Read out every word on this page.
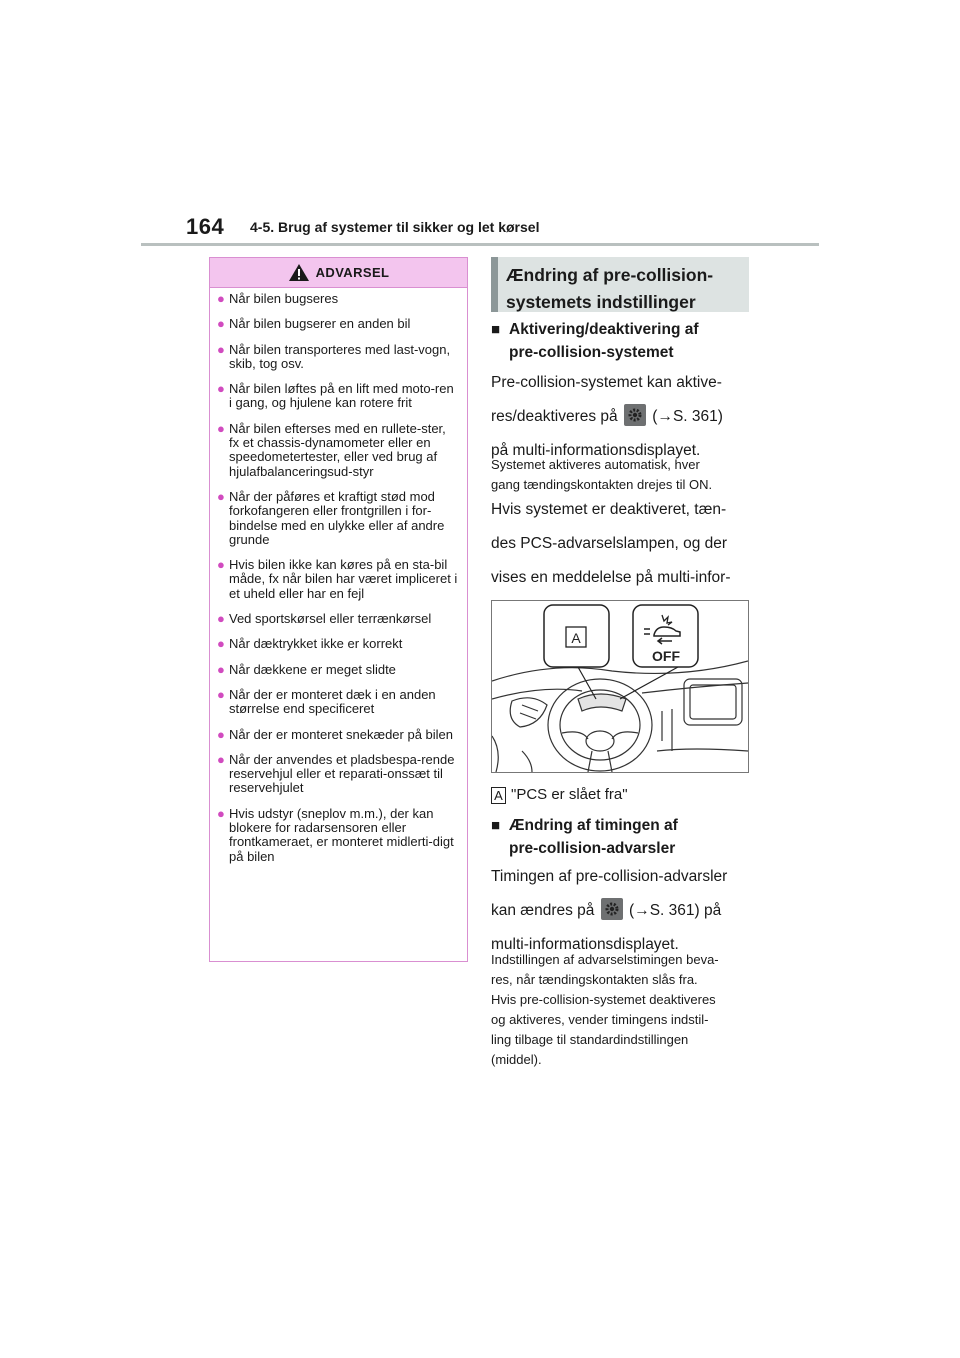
164 4-5. Brug af systemer til sikker og let kørsel
ADVARSEL
● Når bilen bugseres
● Når bilen bugserer en anden bil
● Når bilen transporteres med last-vogn, skib, tog osv.
● Når bilen løftes på en lift med moto-ren i gang, og hjulene kan rotere frit
● Når bilen efterses med en rullete-ster, fx et chassis-dynamometer eller en speedometertester, eller ved brug af hjulafbalanceringsud-styr
● Når der påføres et kraftigt stød mod forkofangeren eller frontgrillen i for-bindelse med en ulykke eller af andre grunde
● Hvis bilen ikke kan køres på en sta-bil måde, fx når bilen har været impliceret i et uheld eller har en fejl
● Ved sportskørsel eller terrænkørsel
● Når dæktrykket ikke er korrekt
● Når dækkene er meget slidte
● Når der er monteret dæk i en anden størrelse end specificeret
● Når der er monteret snekæder på bilen
● Når der anvendes et pladsbespa-rende reservehjul eller et reparati-onssæt til reservehjulet
● Hvis udstyr (sneplov m.m.), der kan blokere for radarsensoren eller frontkameraet, er monteret midlerti-digt på bilen
Ændring af pre-collision-
systemets indstillinger
■ Aktivering/deaktivering af
pre-collision-systemet
Pre-collision-systemet kan aktive-
res/deaktiveres på (→S. 361)
på multi-informationsdisplayet.
Systemet aktiveres automatisk, hver
gang tændingskontakten drejes til ON.
Hvis systemet er deaktiveret, tæn-
des PCS-advarselslampen, og der
vises en meddelelse på multi-infor-
A
OFF
A "PCS er slået fra"
■ Ændring af timingen af
pre-collision-advarsler
Timingen af pre-collision-advarsler
kan ændres på (→S. 361) på
multi-informationsdisplayet.
Indstillingen af advarselstimingen beva-
res, når tændingskontakten slås fra.
Hvis pre-collision-systemet deaktiveres
og aktiveres, vender timingens indstil-
ling tilbage til standardindstillingen
(middel).
